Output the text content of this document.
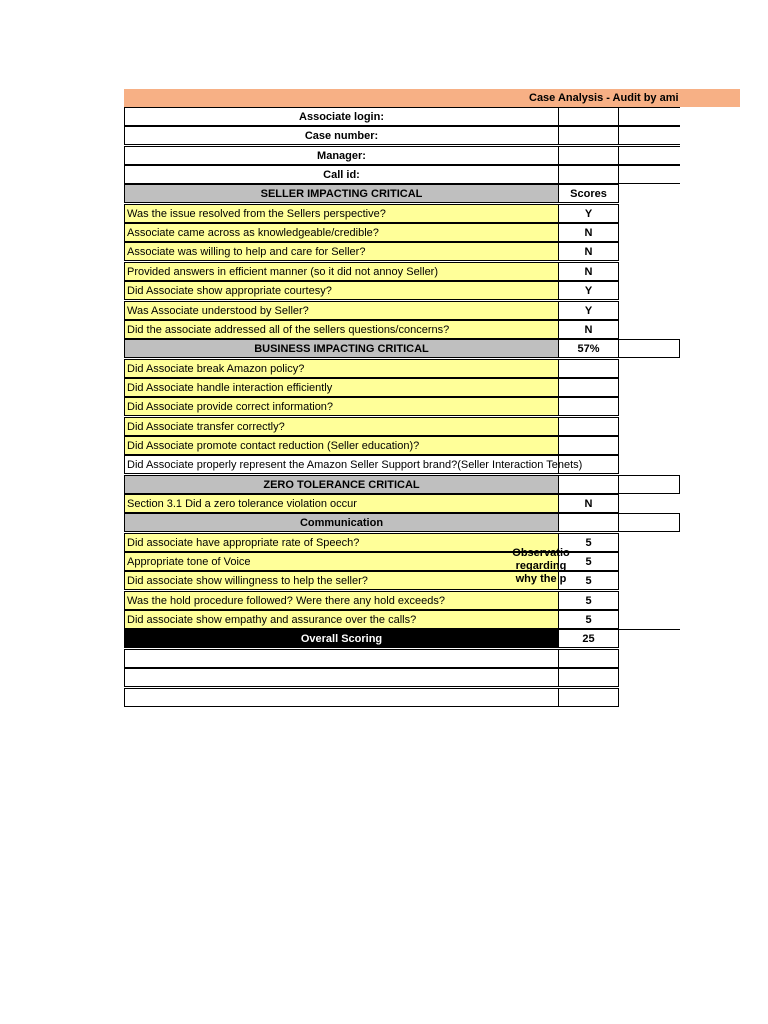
Case Analysis - Audit by ami
Associate login:
Case number:
Manager:
Call id:
SELLER IMPACTING CRITICAL	Scores
Was the issue resolved from the Sellers perspective?	Y
Associate came across as knowledgeable/credible?	N
Associate was willing to help and care for Seller?	N
Provided answers in efficient manner (so it did not annoy Seller)	N
Did Associate show appropriate courtesy?	Y
Was Associate understood by Seller?	Y
Did the associate addressed all of the sellers questions/concerns?	N
BUSINESS IMPACTING CRITICAL	57%
Did Associate break Amazon policy?
Did Associate handle interaction efficiently
Did Associate provide correct information?
Did Associate transfer correctly?
Did Associate promote contact reduction (Seller education)?
Did Associate properly represent the Amazon Seller Support brand?(Seller Interaction Tenets)
ZERO TOLERANCE CRITICAL
Section 3.1 Did a zero tolerance violation occur	N
Communication
Did associate have appropriate rate of Speech?	5
Appropriate tone of Voice	5
Did associate show willingness to help the seller?	5
Was the hold procedure followed? Were there any hold exceeds?	5
Did associate show empathy and assurance over the calls?	5
Overall Scoring	25
Observatio
regarding
why the p
